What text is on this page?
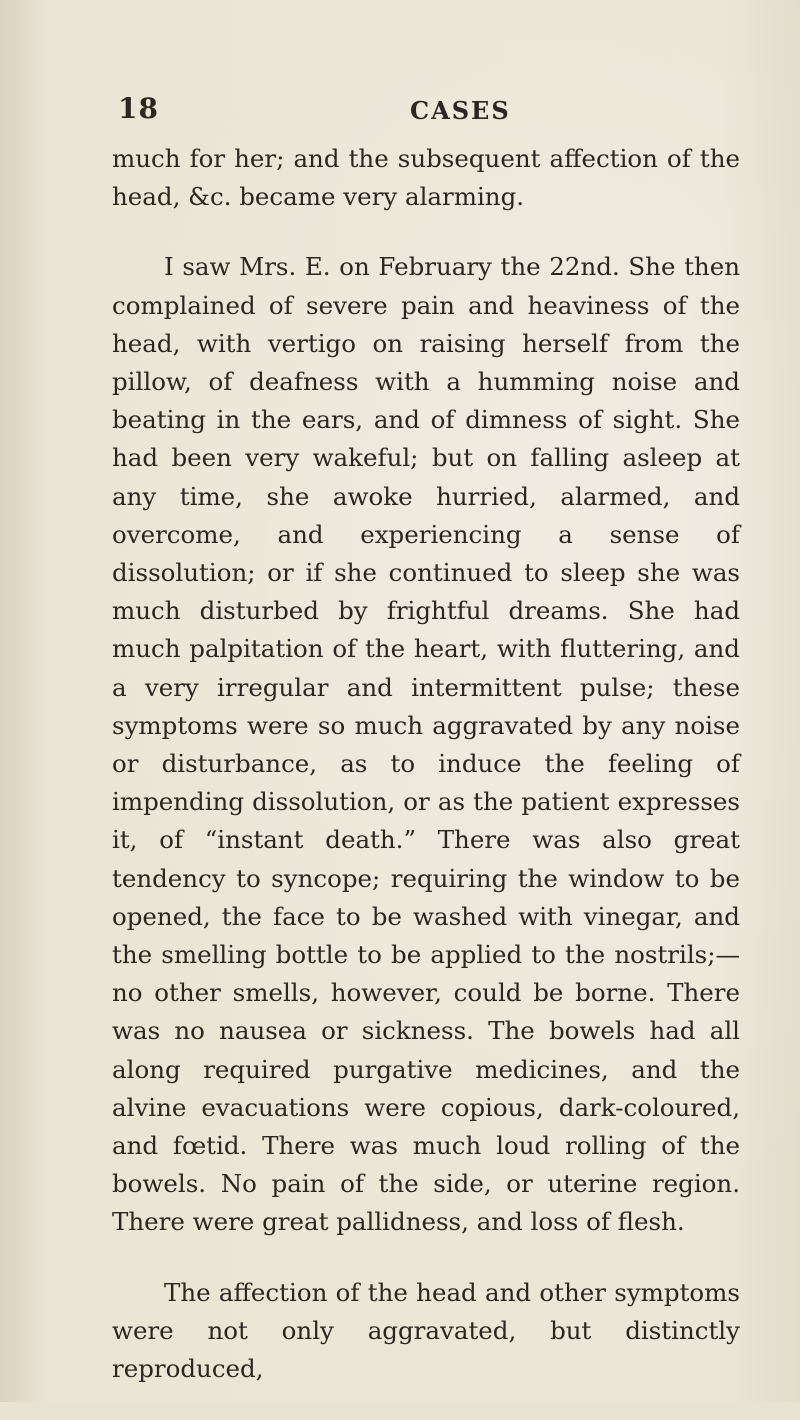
18	CASES

much for her; and the subsequent affection of the head, &c. became very alarming.

I saw Mrs. E. on February the 22nd. She then complained of severe pain and heaviness of the head, with vertigo on raising herself from the pillow, of deafness with a humming noise and beating in the ears, and of dimness of sight. She had been very wakeful; but on falling asleep at any time, she awoke hurried, alarmed, and overcome, and experiencing a sense of dissolution; or if she continued to sleep she was much disturbed by frightful dreams. She had much palpitation of the heart, with fluttering, and a very irregular and intermittent pulse; these symptoms were so much aggravated by any noise or disturbance, as to induce the feeling of impending dissolution, or as the patient expresses it, of “instant death.” There was also great tendency to syncope; requiring the window to be opened, the face to be washed with vinegar, and the smelling bottle to be applied to the nostrils;—no other smells, however, could be borne. There was no nausea or sickness. The bowels had all along required purgative medicines, and the alvine evacuations were copious, dark-coloured, and fœtid. There was much loud rolling of the bowels. No pain of the side, or uterine region. There were great pallidness, and loss of flesh.

The affection of the head and other symptoms were not only aggravated, but distinctly reproduced,
